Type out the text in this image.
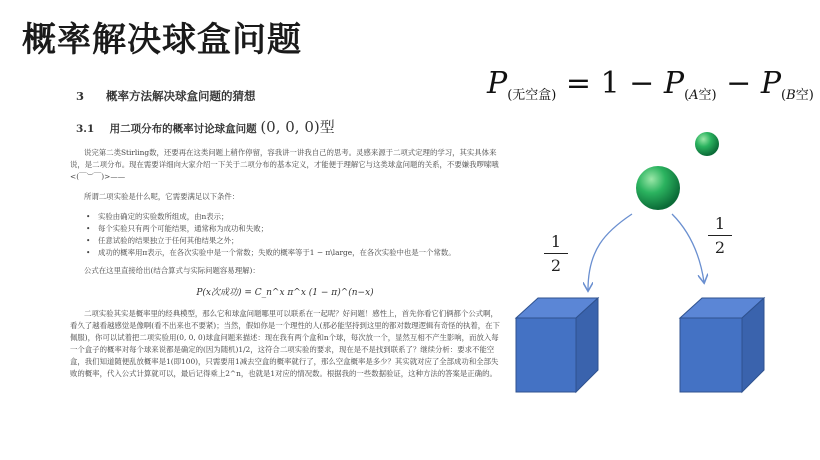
概率解决球盒问题
3 概率方法解决球盒问题的猜想
3.1 用二项分布的概率讨论球盒问题 (0, 0, 0)型

说完第二类Stirling数，还要再在这类问题上稍作停留，容我讲一讲我自己的思考。灵感来源于二项式定理的学习，其实具体来说，是二项分布。现在需要详细向大家介绍一下关于二项分布的基本定义，才能便于理解它与这类球盒问题的关系，不要嫌我啰嗦哦<(￣︶￣)>——

所谓二项实验是什么呢，它需要满足以下条件：

• 实验由确定的实验数所组成，由n表示；
• 每个实验只有两个可能结果，通常称为成功和失败；
• 任意试验的结果独立于任何其他结果之外；
• 成功的概率用π表示，在各次实验中是一个常数；失败的概率等于1 − π\large，在各次实验中也是一个常数。

公式在这里直接给出(结合算式与实际问题容易理解)：

P(x次成功) = C_n^x π^x (1 − π)^(n−x)

二项实验其实是概率里的经典模型，那么它和球盒问题哪里可以联系在一起呢？好问题！感性上，首先你看它们俩都个公式啊，看久了越看越感觉是像啊(看不出来也不要紧)；当然，假如你是一个理性的人(那必能坚持到这里的都对数理逻辑有奇怪的执着，在下佩服)，你可以试着把二项实验用(0, 0, 0)球盒问题来描述：现在我有两个盒和n个球，每次放一个，显然互相不产生影响，而放入每一个盒子的概率对每个球来说都是确定的(因为随机)1/2，这符合二项实验的要求，现在是不是找到联系了？继续分析：要求不能空盒，我们知道随便乱放概率是1(即100)，只需要用1减去空盒的概率就行了，那么空盒概率是多少？其实就对应了全部成功和全部失败的概率，代入公式计算就可以，最后记得乘上2^n，也就是1对应的情况数。根据我的一些数据验证，这种方法的答案是正确的。

$P_{(无空盒)} = 1 - P_{(A空)} - P_{(B空)}$
$\frac{1}{2}$	$\frac{1}{2}$
